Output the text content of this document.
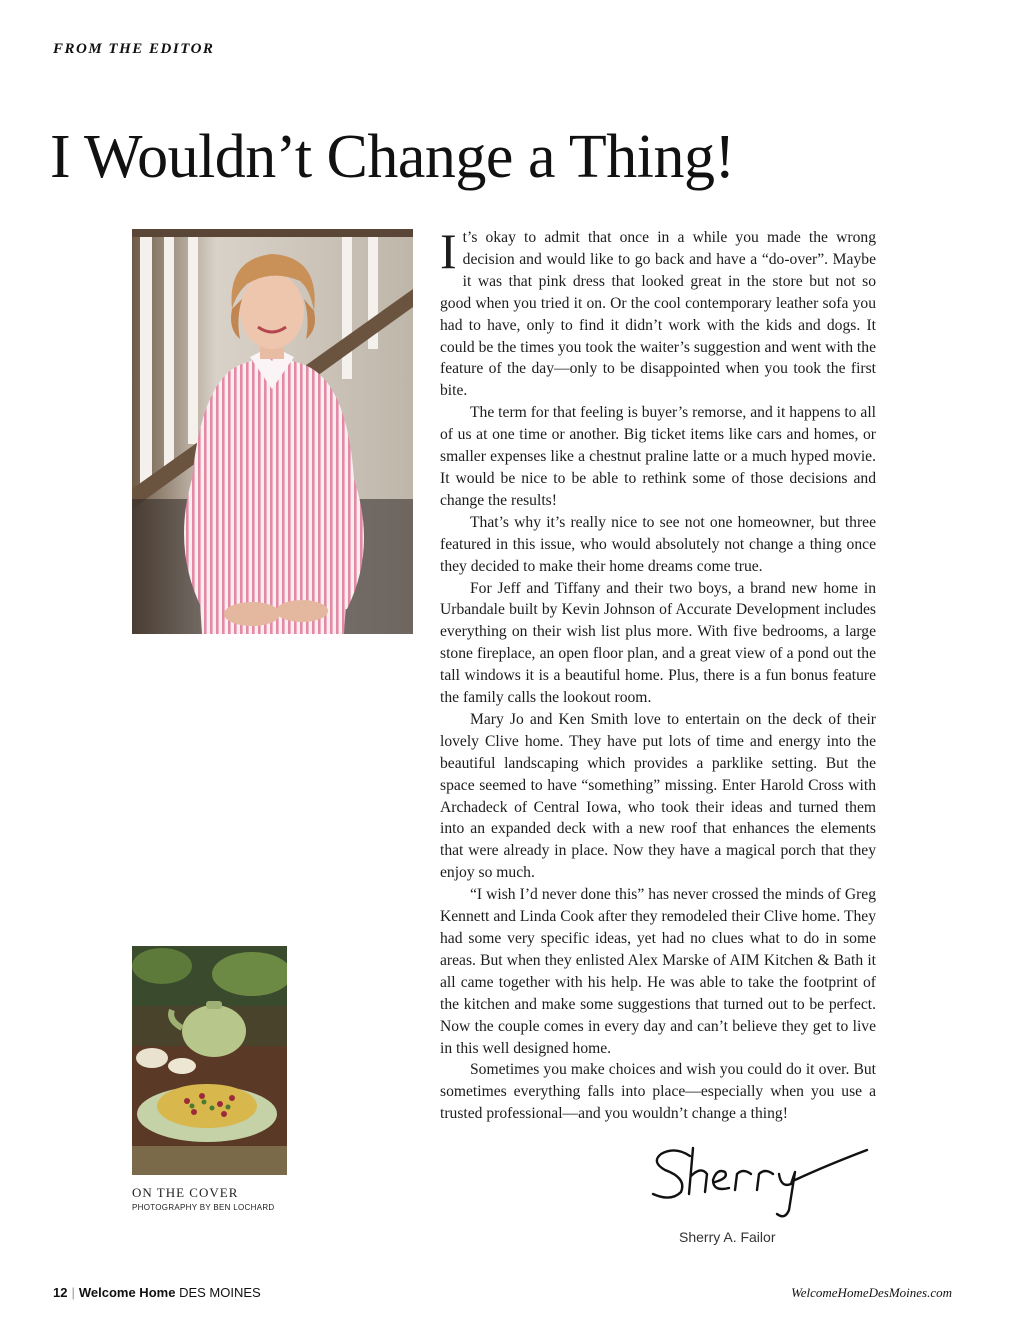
FROM THE EDITOR
I Wouldn’t Change a Thing!

It’s okay to admit that once in a while you made the wrong decision and would like to go back and have a “do-over”. Maybe it was that pink dress that looked great in the store but not so good when you tried it on. Or the cool contemporary leather sofa you had to have, only to find it didn’t work with the kids and dogs. It could be the times you took the waiter’s suggestion and went with the feature of the day—only to be disappointed when you took the first bite.

The term for that feeling is buyer’s remorse, and it happens to all of us at one time or another. Big ticket items like cars and homes, or smaller expenses like a chestnut praline latte or a much hyped movie. It would be nice to be able to rethink some of those decisions and change the results!

That’s why it’s really nice to see not one homeowner, but three featured in this issue, who would absolutely not change a thing once they decided to make their home dreams come true.

For Jeff and Tiffany and their two boys, a brand new home in Urbandale built by Kevin Johnson of Accurate Development includes everything on their wish list plus more. With five bedrooms, a large stone fireplace, an open floor plan, and a great view of a pond out the tall windows it is a beautiful home. Plus, there is a fun bonus feature the family calls the lookout room.

Mary Jo and Ken Smith love to entertain on the deck of their lovely Clive home. They have put lots of time and energy into the beautiful landscaping which provides a parklike setting. But the space seemed to have “something” missing. Enter Harold Cross with Archadeck of Central Iowa, who took their ideas and turned them into an expanded deck with a new roof that enhances the elements that were already in place. Now they have a magical porch that they enjoy so much.

“I wish I’d never done this” has never crossed the minds of Greg Kennett and Linda Cook after they remodeled their Clive home. They had some very specific ideas, yet had no clues what to do in some areas. But when they enlisted Alex Marske of AIM Kitchen & Bath it all came together with his help. He was able to take the footprint of the kitchen and make some suggestions that turned out to be perfect. Now the couple comes in every day and can’t believe they get to live in this well designed home.

Sometimes you make choices and wish you could do it over. But sometimes everything falls into place—especially when you use a trusted professional—and you wouldn’t change a thing!

ON THE COVER
PHOTOGRAPHY BY BEN LOCHARD
Sherry A. Failor
12 | Welcome Home DES MOINES	WelcomeHomeDesMoines.com
